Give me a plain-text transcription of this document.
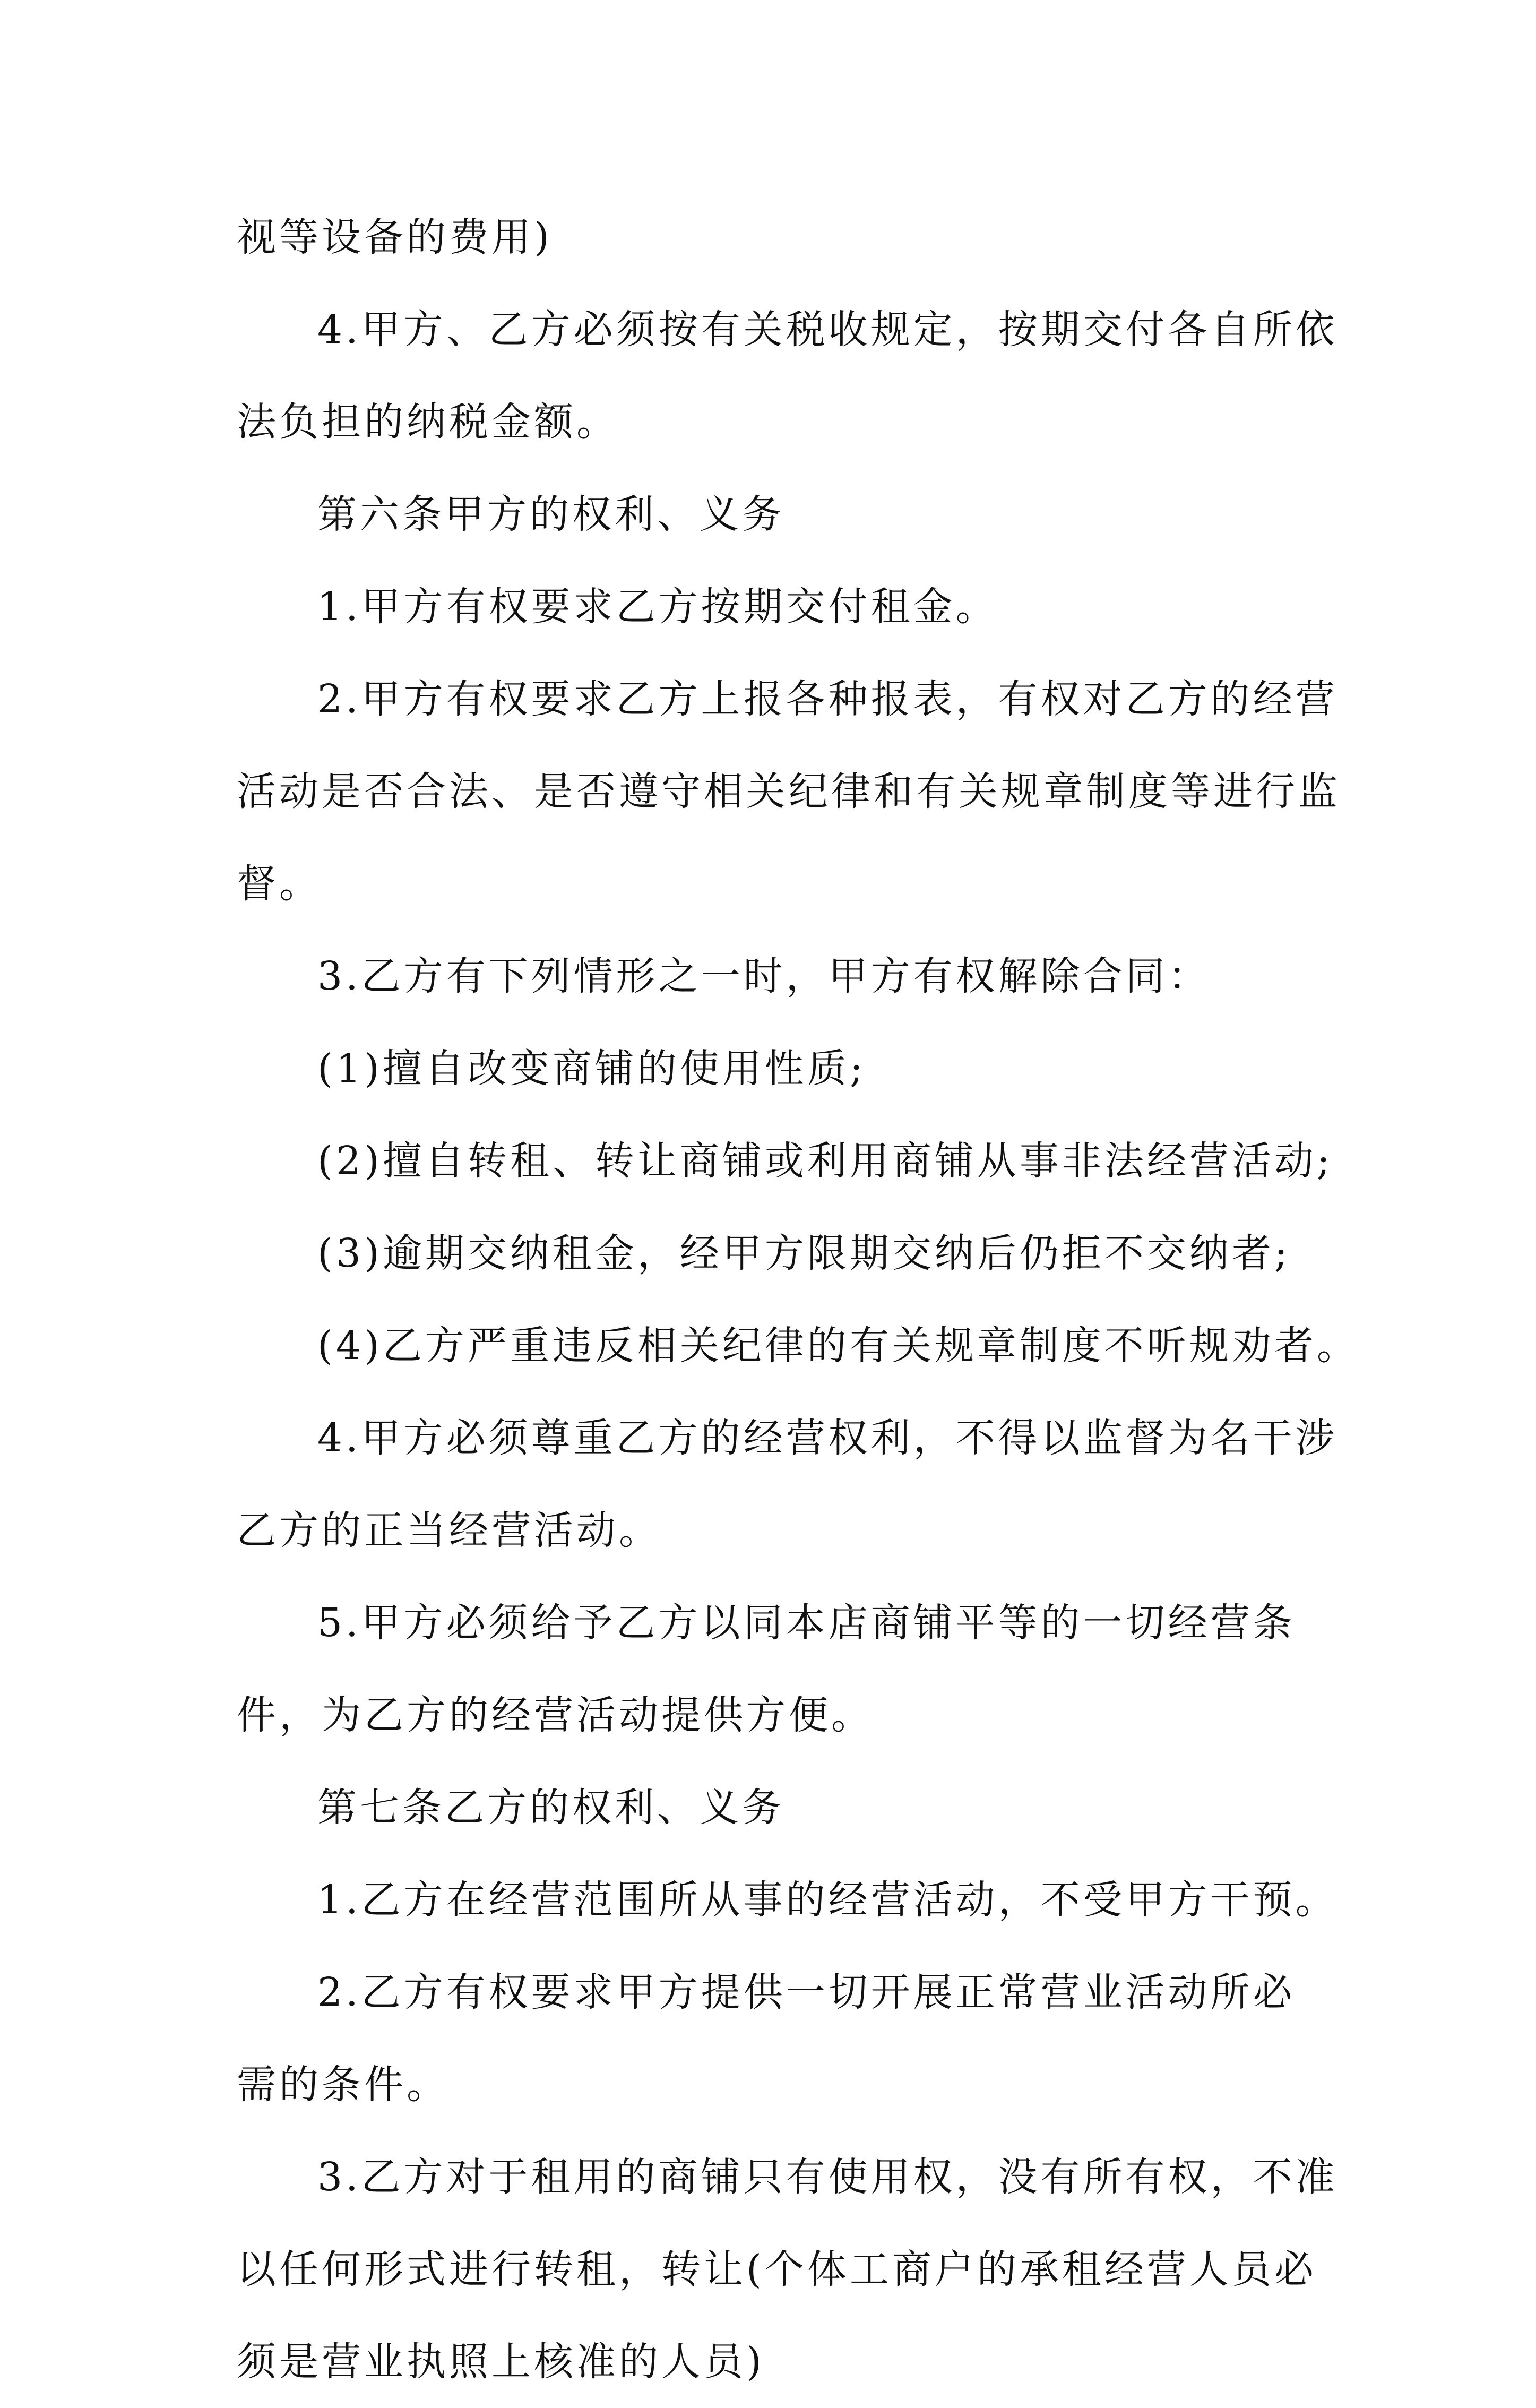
视等设备的费用)
4.甲方、乙方必须按有关税收规定，按期交付各自所依
法负担的纳税金额。
第六条甲方的权利、义务
1.甲方有权要求乙方按期交付租金。
2.甲方有权要求乙方上报各种报表，有权对乙方的经营
活动是否合法、是否遵守相关纪律和有关规章制度等进行监
督。
3.乙方有下列情形之一时，甲方有权解除合同：
(1)擅自改变商铺的使用性质;
(2)擅自转租、转让商铺或利用商铺从事非法经营活动;
(3)逾期交纳租金，经甲方限期交纳后仍拒不交纳者;
(4)乙方严重违反相关纪律的有关规章制度不听规劝者。
4.甲方必须尊重乙方的经营权利，不得以监督为名干涉
乙方的正当经营活动。
5.甲方必须给予乙方以同本店商铺平等的一切经营条
件，为乙方的经营活动提供方便。
第七条乙方的权利、义务
1.乙方在经营范围所从事的经营活动，不受甲方干预。
2.乙方有权要求甲方提供一切开展正常营业活动所必
需的条件。
3.乙方对于租用的商铺只有使用权，没有所有权，不准
以任何形式进行转租，转让(个体工商户的承租经营人员必
须是营业执照上核准的人员)
